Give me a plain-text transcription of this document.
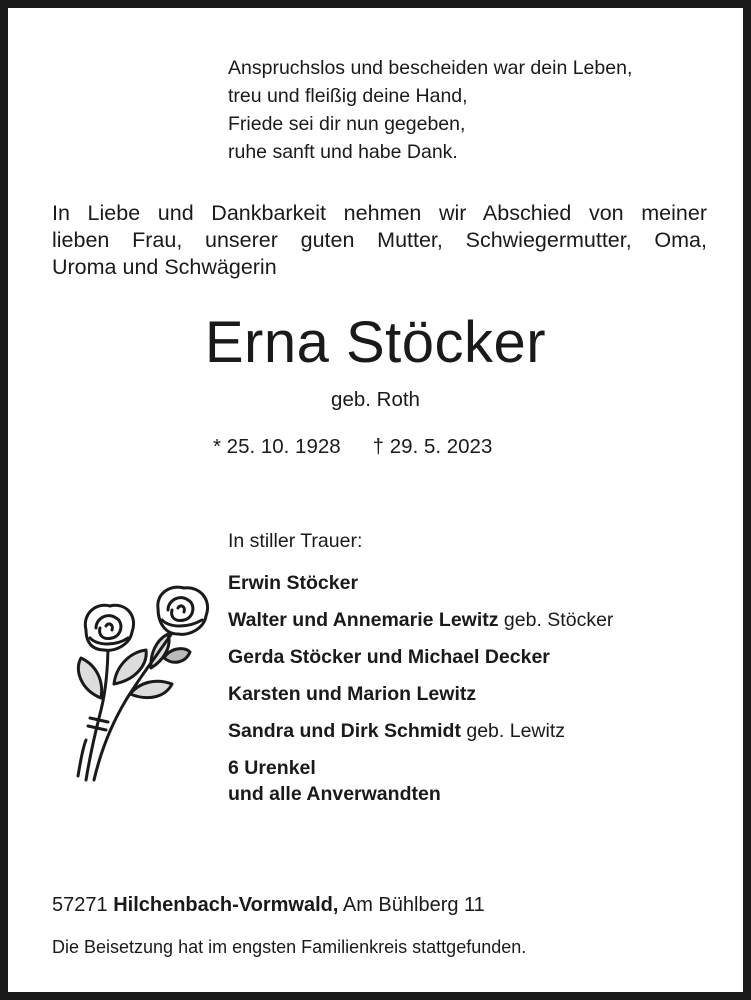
Anspruchslos und bescheiden war dein Leben,
treu und fleißig deine Hand,
Friede sei dir nun gegeben,
ruhe sanft und habe Dank.
In Liebe und Dankbarkeit nehmen wir Abschied von meiner
lieben Frau, unserer guten Mutter, Schwiegermutter, Oma,
Uroma und Schwägerin
Erna Stöcker
geb. Roth
* 25. 10. 1928 † 29. 5. 2023
In stiller Trauer:
Erwin Stöcker
Walter und Annemarie Lewitz geb. Stöcker
Gerda Stöcker und Michael Decker
Karsten und Marion Lewitz
Sandra und Dirk Schmidt geb. Lewitz
6 Urenkel
und alle Anverwandten
57271 Hilchenbach-Vormwald, Am Bühlberg 11
Die Beisetzung hat im engsten Familienkreis stattgefunden.
